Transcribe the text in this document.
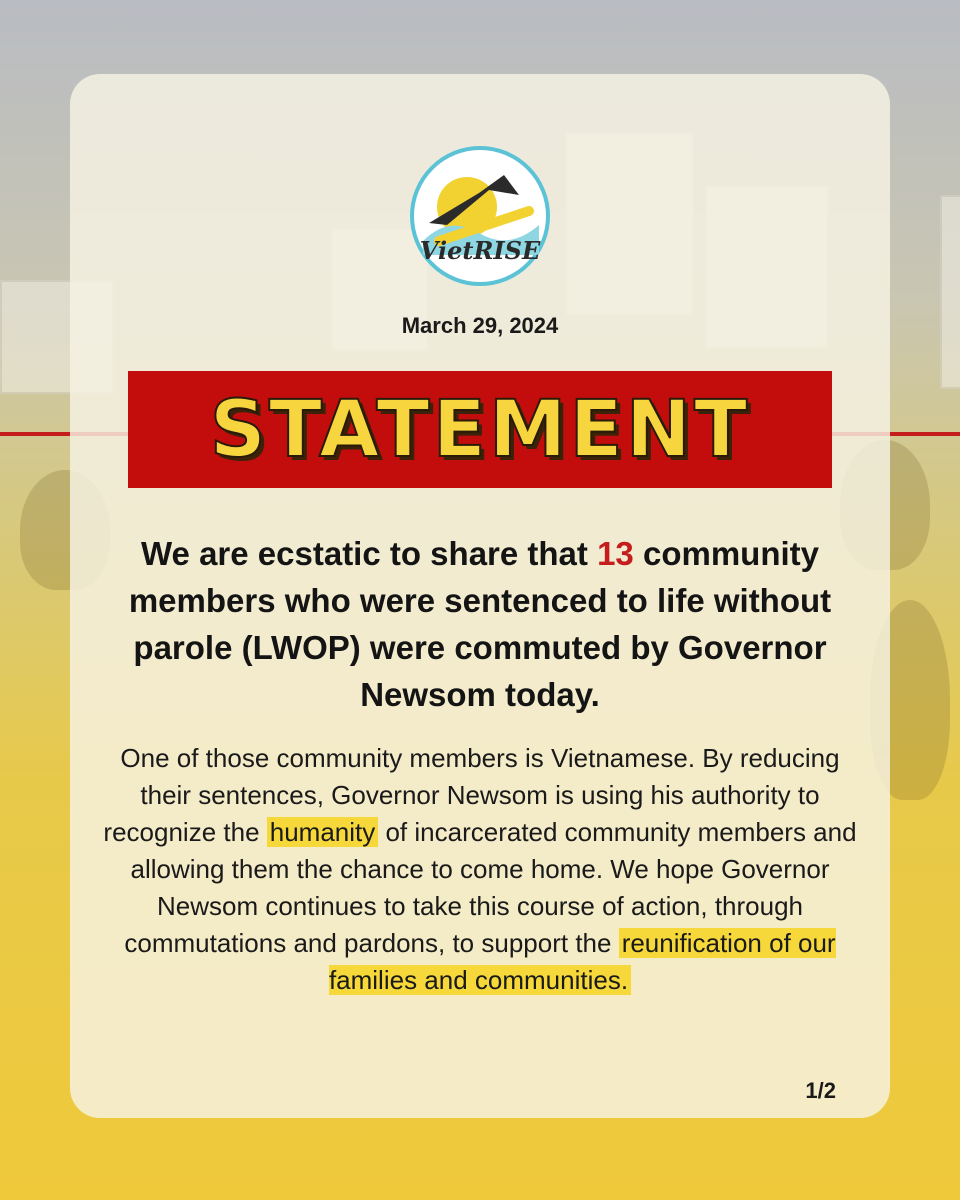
VietRISE
March 29, 2024
STATEMENT

We are ecstatic to share that 13 community members who were sentenced to life without parole (LWOP) were commuted by Governor Newsom today.

One of those community members is Vietnamese. By reducing their sentences, Governor Newsom is using his authority to recognize the humanity of incarcerated community members and allowing them the chance to come home. We hope Governor Newsom continues to take this course of action, through commutations and pardons, to support the reunification of our families and communities.

1/2
